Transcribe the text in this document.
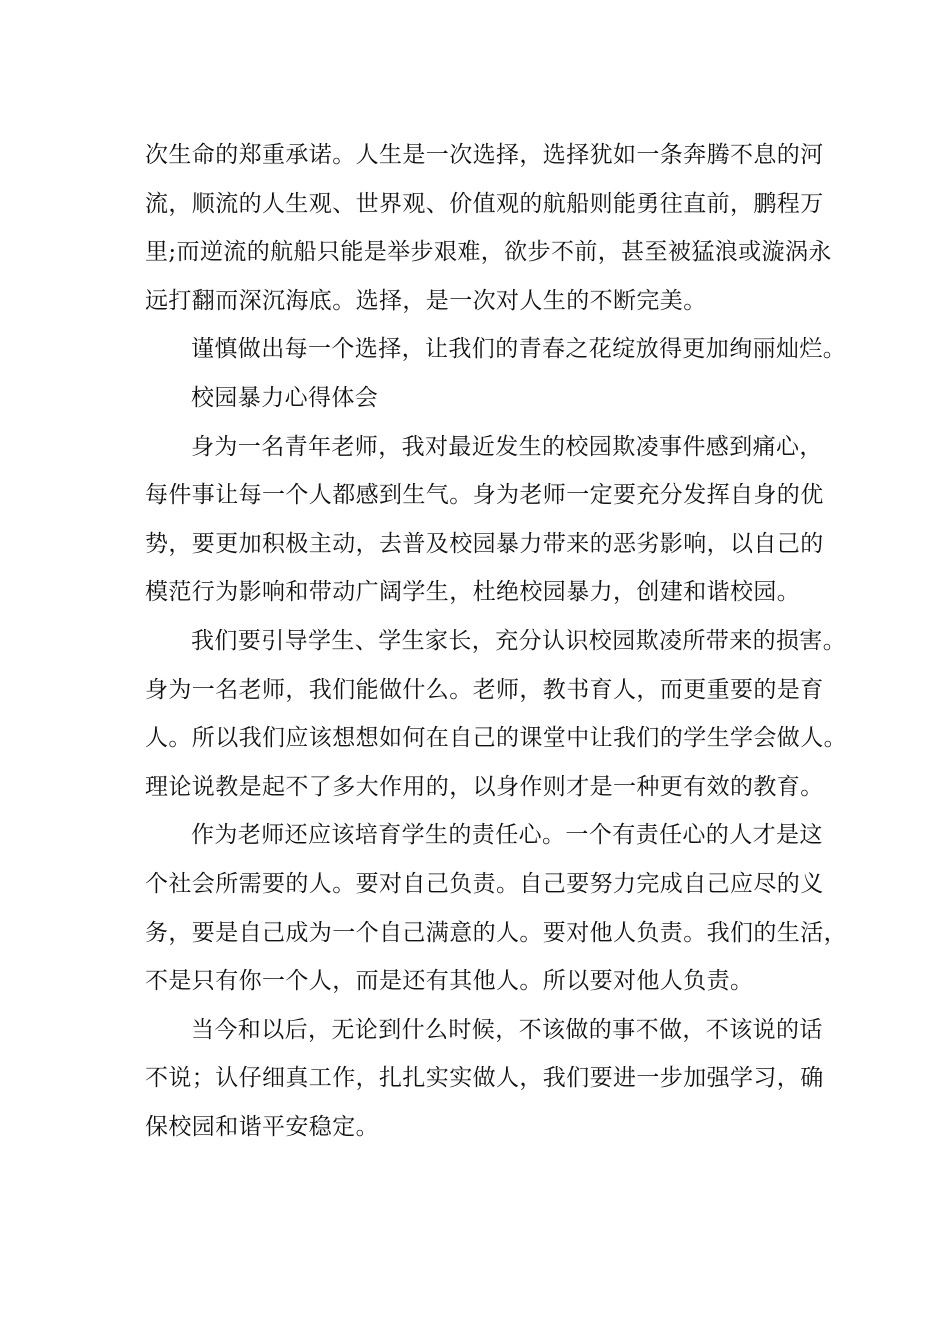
次生命的郑重承诺。人生是一次选择，选择犹如一条奔腾不息的河
流，顺流的人生观、世界观、价值观的航船则能勇往直前，鹏程万
里;而逆流的航船只能是举步艰难，欲步不前，甚至被猛浪或漩涡永
远打翻而深沉海底。选择，是一次对人生的不断完美。

谨慎做出每一个选择，让我们的青春之花绽放得更加绚丽灿烂。

校园暴力心得体会

身为一名青年老师，我对最近发生的校园欺凌事件感到痛心，
每件事让每一个人都感到生气。身为老师一定要充分发挥自身的优
势，要更加积极主动，去普及校园暴力带来的恶劣影响，以自己的
模范行为影响和带动广阔学生，杜绝校园暴力，创建和谐校园。

我们要引导学生、学生家长，充分认识校园欺凌所带来的损害。
身为一名老师，我们能做什么。老师，教书育人，而更重要的是育
人。所以我们应该想想如何在自己的课堂中让我们的学生学会做人。
理论说教是起不了多大作用的，以身作则才是一种更有效的教育。

作为老师还应该培育学生的责任心。一个有责任心的人才是这
个社会所需要的人。要对自己负责。自己要努力完成自己应尽的义
务，要是自己成为一个自己满意的人。要对他人负责。我们的生活，
不是只有你一个人，而是还有其他人。所以要对他人负责。

当今和以后，无论到什么时候，不该做的事不做，不该说的话
不说；认仔细真工作，扎扎实实做人，我们要进一步加强学习，确
保校园和谐平安稳定。
